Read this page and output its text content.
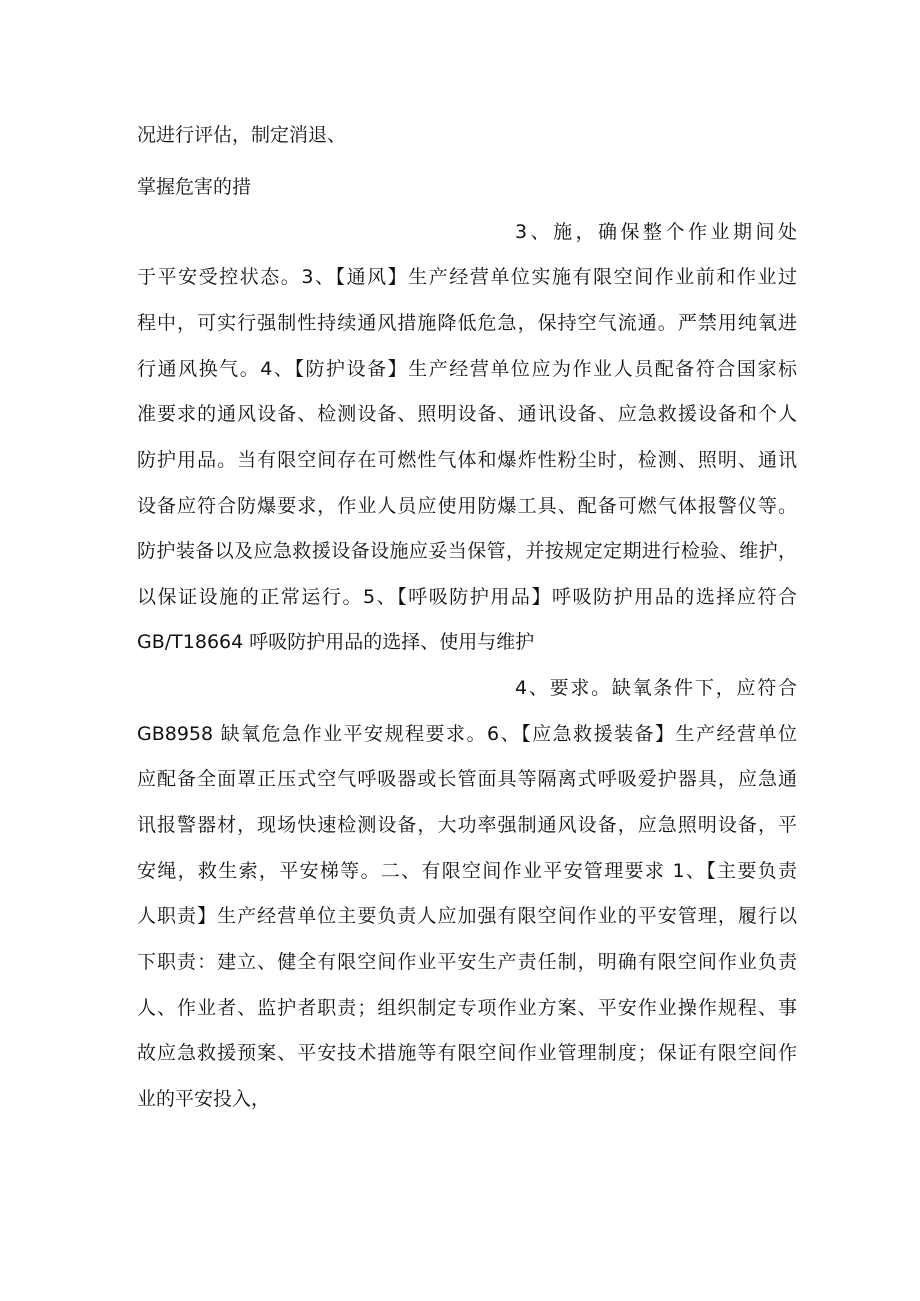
况进行评估，制定消退、
掌握危害的措
3、施，确保整个作业期间处
于平安受控状态。3、【通风】生产经营单位实施有限空间作业前和作业过
程中，可实行强制性持续通风措施降低危急，保持空气流通。严禁用纯氧进
行通风换气。4、【防护设备】生产经营单位应为作业人员配备符合国家标
准要求的通风设备、检测设备、照明设备、通讯设备、应急救援设备和个人
防护用品。当有限空间存在可燃性气体和爆炸性粉尘时，检测、照明、通讯
设备应符合防爆要求，作业人员应使用防爆工具、配备可燃气体报警仪等。
防护装备以及应急救援设备设施应妥当保管，并按规定定期进行检验、维护，
以保证设施的正常运行。5、【呼吸防护用品】呼吸防护用品的选择应符合
GB/T18664 呼吸防护用品的选择、使用与维护
4、要求。缺氧条件下，应符合
GB8958 缺氧危急作业平安规程要求。6、【应急救援装备】生产经营单位
应配备全面罩正压式空气呼吸器或长管面具等隔离式呼吸爱护器具，应急通
讯报警器材，现场快速检测设备，大功率强制通风设备，应急照明设备，平
安绳，救生索，平安梯等。二、有限空间作业平安管理要求 1、【主要负责
人职责】生产经营单位主要负责人应加强有限空间作业的平安管理，履行以
下职责：建立、健全有限空间作业平安生产责任制，明确有限空间作业负责
人、作业者、监护者职责；组织制定专项作业方案、平安作业操作规程、事
故应急救援预案、平安技术措施等有限空间作业管理制度；保证有限空间作
业的平安投入，
